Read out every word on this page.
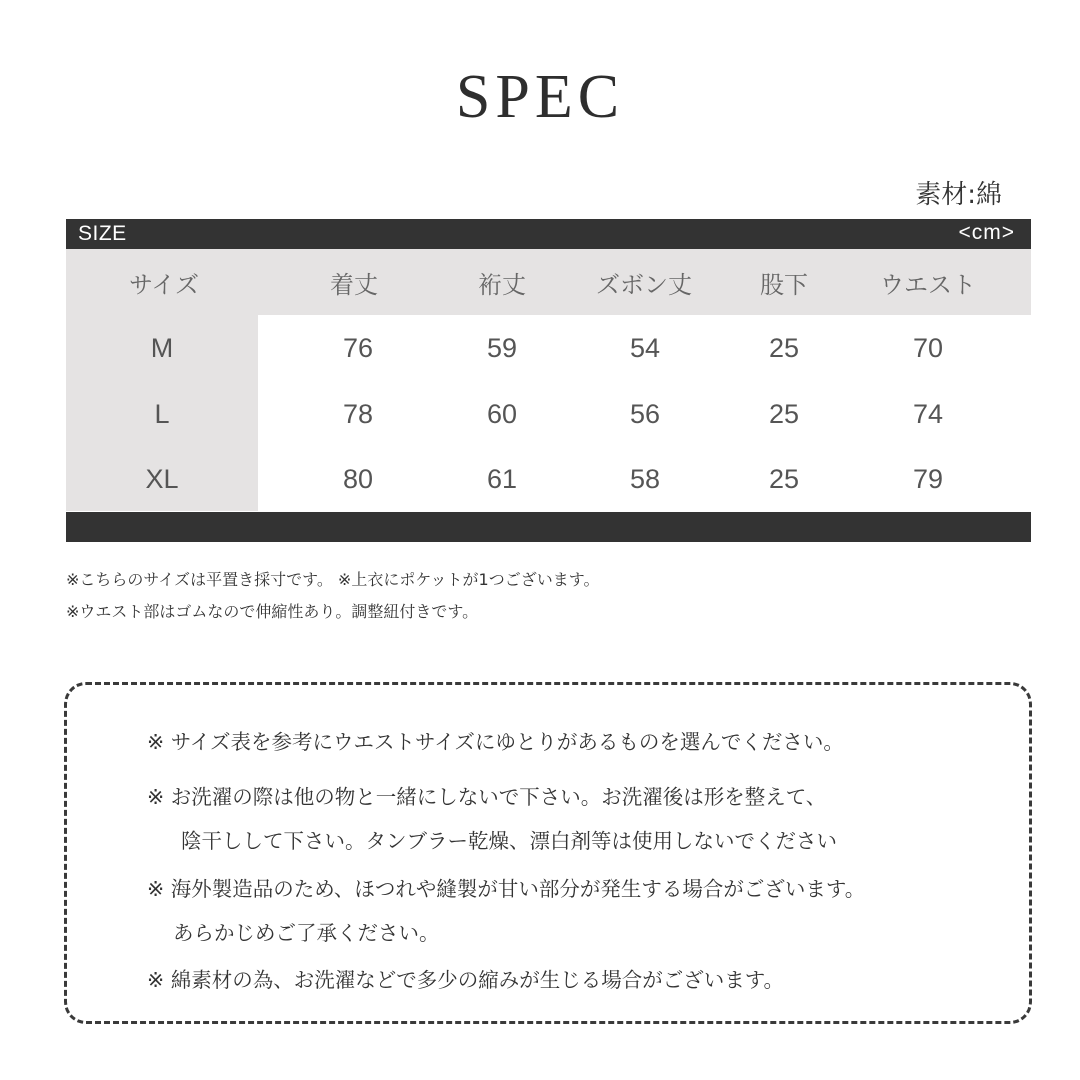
SPEC
素材:綿
SIZE	<cm>
サイズ	着丈	裄丈	ズボン丈	股下	ウエスト
M	76	59	54	25	70
L	78	60	56	25	74
XL	80	61	58	25	79
※こちらのサイズは平置き採寸です。 ※上衣にポケットが1つございます。
※ウエスト部はゴムなので伸縮性あり。調整紐付きです。
※ サイズ表を参考にウエストサイズにゆとりがあるものを選んでください。
※ お洗濯の際は他の物と一緒にしないで下さい。お洗濯後は形を整えて、
陰干しして下さい。タンブラー乾燥、漂白剤等は使用しないでください
※ 海外製造品のため、ほつれや縫製が甘い部分が発生する場合がございます。
あらかじめご了承ください。
※ 綿素材の為、お洗濯などで多少の縮みが生じる場合がございます。
